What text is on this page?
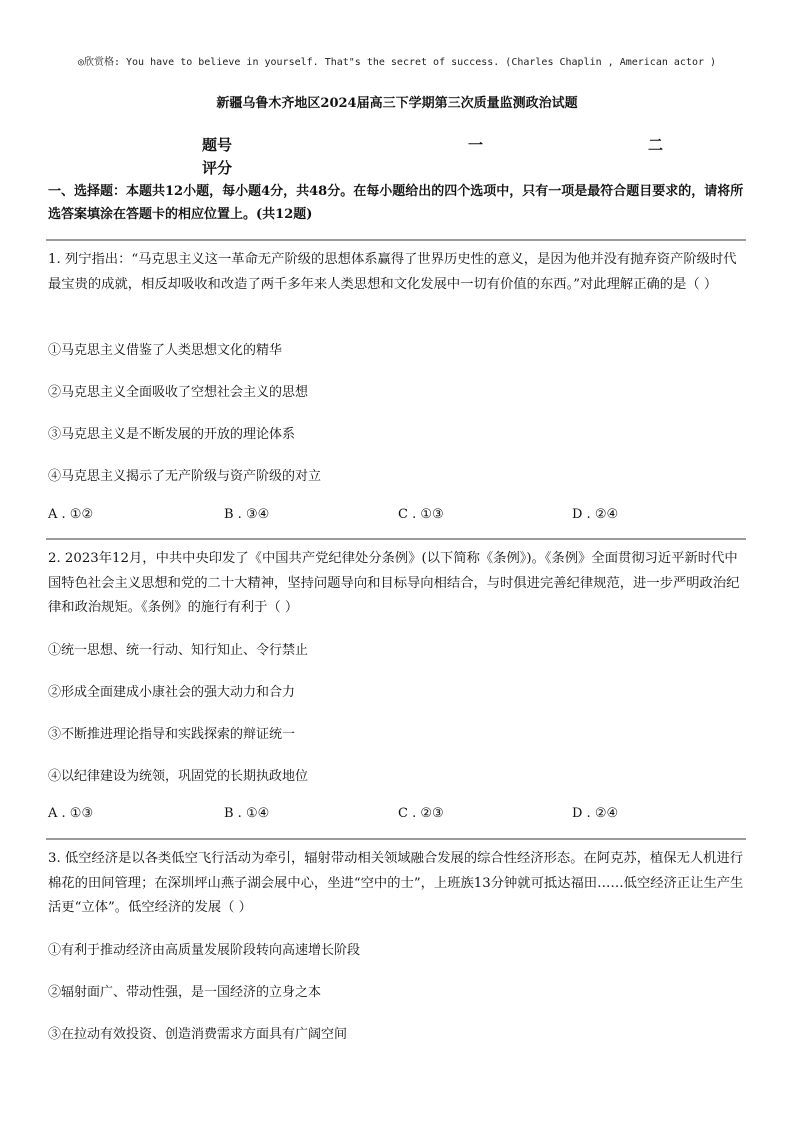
◎欣赏格: You have to believe in yourself. That"s the secret of success. (Charles Chaplin , American actor )
新疆乌鲁木齐地区2024届高三下学期第三次质量监测政治试题
题号	一	二
评分
一、选择题：本题共12小题，每小题4分，共48分。在每小题给出的四个选项中，只有一项是最符合题目要求的，请将所选答案填涂在答题卡的相应位置上。(共12题)
1. 列宁指出：“马克思主义这一革命无产阶级的思想体系赢得了世界历史性的意义，是因为他并没有抛弃资产阶级时代最宝贵的成就，相反却吸收和改造了两千多年来人类思想和文化发展中一切有价值的东西。”对此理解正确的是（ ）
①马克思主义借鉴了人类思想文化的精华
②马克思主义全面吸收了空想社会主义的思想
③马克思主义是不断发展的开放的理论体系
④马克思主义揭示了无产阶级与资产阶级的对立
A . ①②	B . ③④	C . ①③	D . ②④
2. 2023年12月，中共中央印发了《中国共产党纪律处分条例》(以下简称《条例》)。《条例》全面贯彻习近平新时代中国特色社会主义思想和党的二十大精神，坚持问题导向和目标导向相结合，与时俱进完善纪律规范，进一步严明政治纪律和政治规矩。《条例》的施行有利于（ ）
①统一思想、统一行动、知行知止、令行禁止
②形成全面建成小康社会的强大动力和合力
③不断推进理论指导和实践探索的辩证统一
④以纪律建设为统领，巩固党的长期执政地位
A . ①③	B . ①④	C . ②③	D . ②④
3. 低空经济是以各类低空飞行活动为牵引，辐射带动相关领域融合发展的综合性经济形态。在阿克苏，植保无人机进行棉花的田间管理；在深圳坪山燕子湖会展中心，坐进“空中的士”，上班族13分钟就可抵达福田……低空经济正让生产生活更“立体”。低空经济的发展（ ）
①有利于推动经济由高质量发展阶段转向高速增长阶段
②辐射面广、带动性强，是一国经济的立身之本
③在拉动有效投资、创造消费需求方面具有广阔空间
